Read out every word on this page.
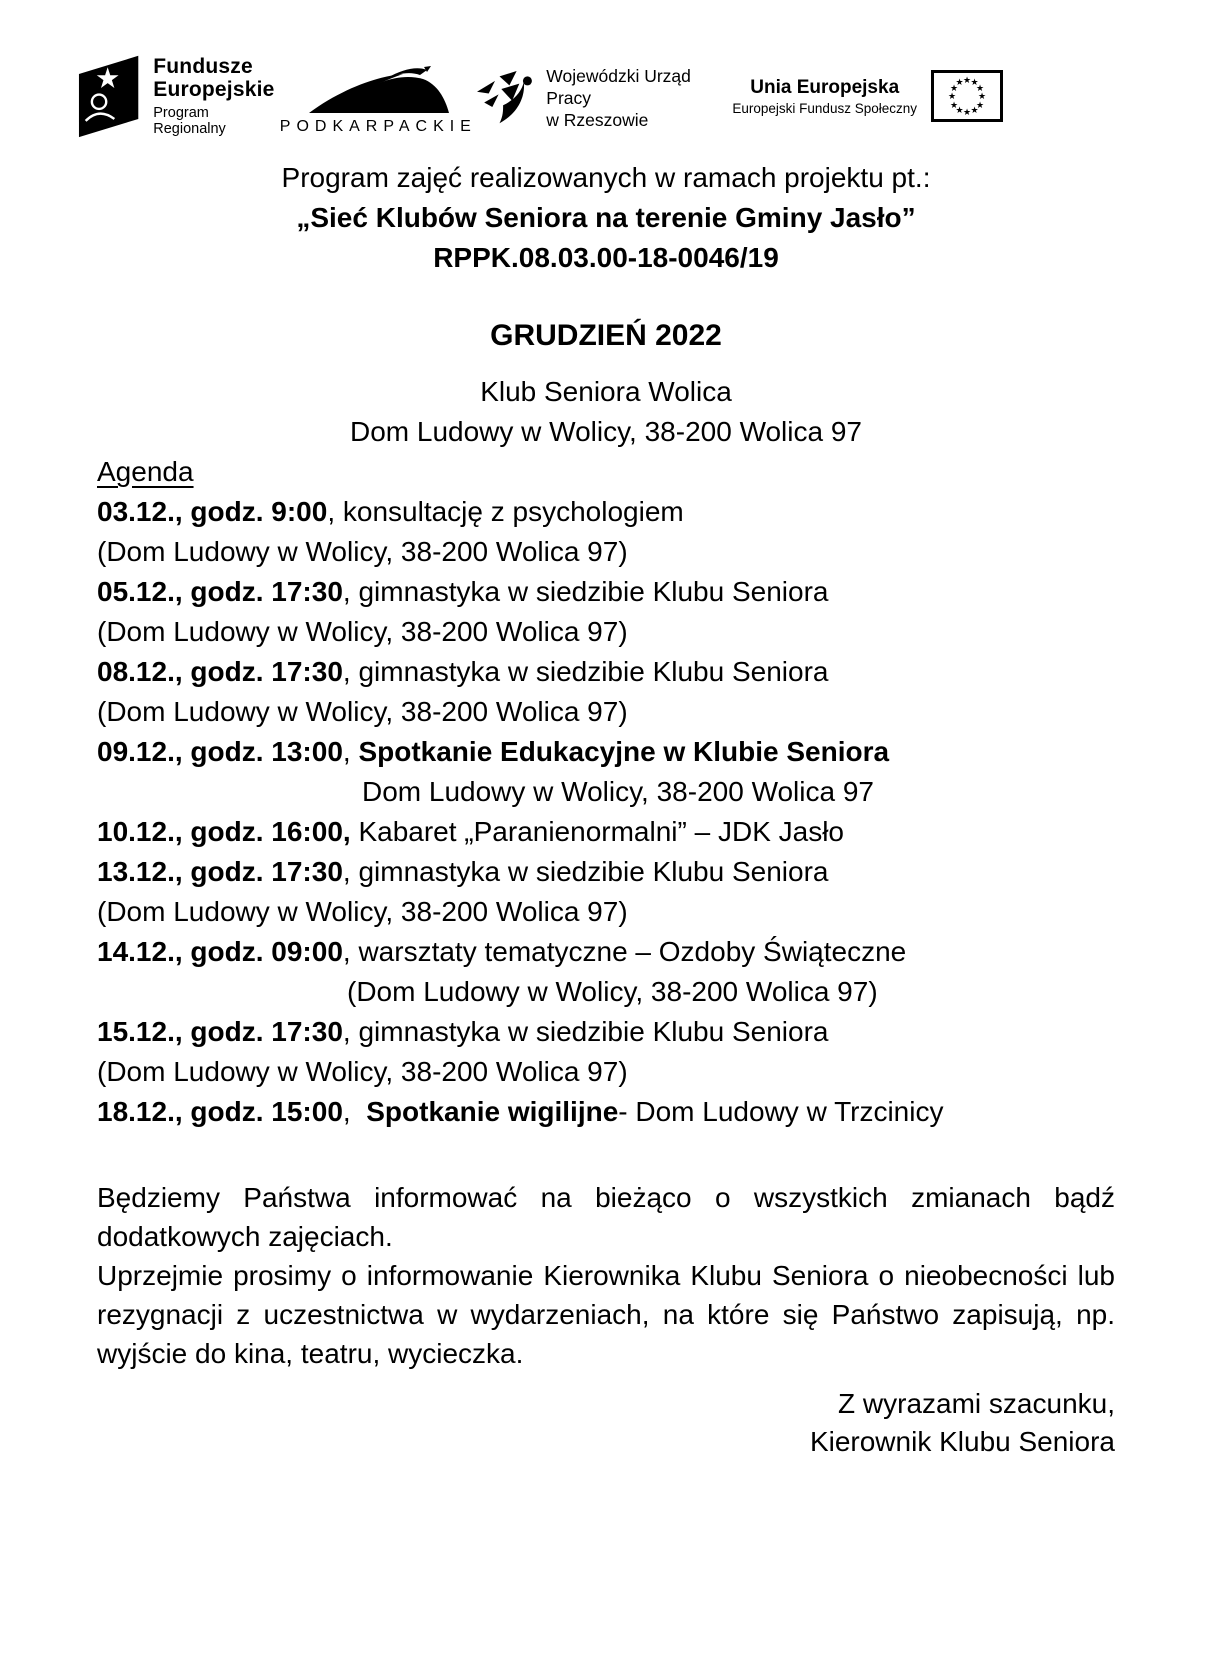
Fundusze
Europejskie
Program Regionalny	PODKARPACKIE
Wojewódzki Urząd Pracy
w Rzeszowie
Unia Europejska
Europejski Fundusz Społeczny
★
★
★
★
★
★
★
★
★
★
★
★

Program zajęć realizowanych w ramach projektu pt.:

„Sieć Klubów Seniora na terenie Gminy Jasło”

RPPK.08.03.00-18-0046/19

GRUDZIEŃ 2022

Klub Seniora Wolica

Dom Ludowy w Wolicy, 38-200 Wolica 97

Agenda

03.12., godz. 9:00, konsultację z psychologiem

(Dom Ludowy w Wolicy, 38-200 Wolica 97)

05.12., godz. 17:30, gimnastyka w siedzibie Klubu Seniora

(Dom Ludowy w Wolicy, 38-200 Wolica 97)

08.12., godz. 17:30, gimnastyka w siedzibie Klubu Seniora

(Dom Ludowy w Wolicy, 38-200 Wolica 97)

09.12., godz. 13:00, Spotkanie Edukacyjne w Klubie Seniora

Dom Ludowy w Wolicy, 38-200 Wolica 97

10.12., godz. 16:00, Kabaret „Paranienormalni” – JDK Jasło

13.12., godz. 17:30, gimnastyka w siedzibie Klubu Seniora

(Dom Ludowy w Wolicy, 38-200 Wolica 97)

14.12., godz. 09:00, warsztaty tematyczne – Ozdoby Świąteczne

(Dom Ludowy w Wolicy, 38-200 Wolica 97)

15.12., godz. 17:30, gimnastyka w siedzibie Klubu Seniora

(Dom Ludowy w Wolicy, 38-200 Wolica 97)

18.12., godz. 15:00,  Spotkanie wigilijne- Dom Ludowy w Trzcinicy

Będziemy Państwa informować na bieżąco o wszystkich zmianach bądź dodatkowych zajęciach.

Uprzejmie prosimy o informowanie Kierownika Klubu Seniora o nieobecności lub rezygnacji z uczestnictwa w wydarzeniach, na które się Państwo zapisują, np. wyjście do kina, teatru, wycieczka.

Z wyrazami szacunku,

Kierownik Klubu Seniora
